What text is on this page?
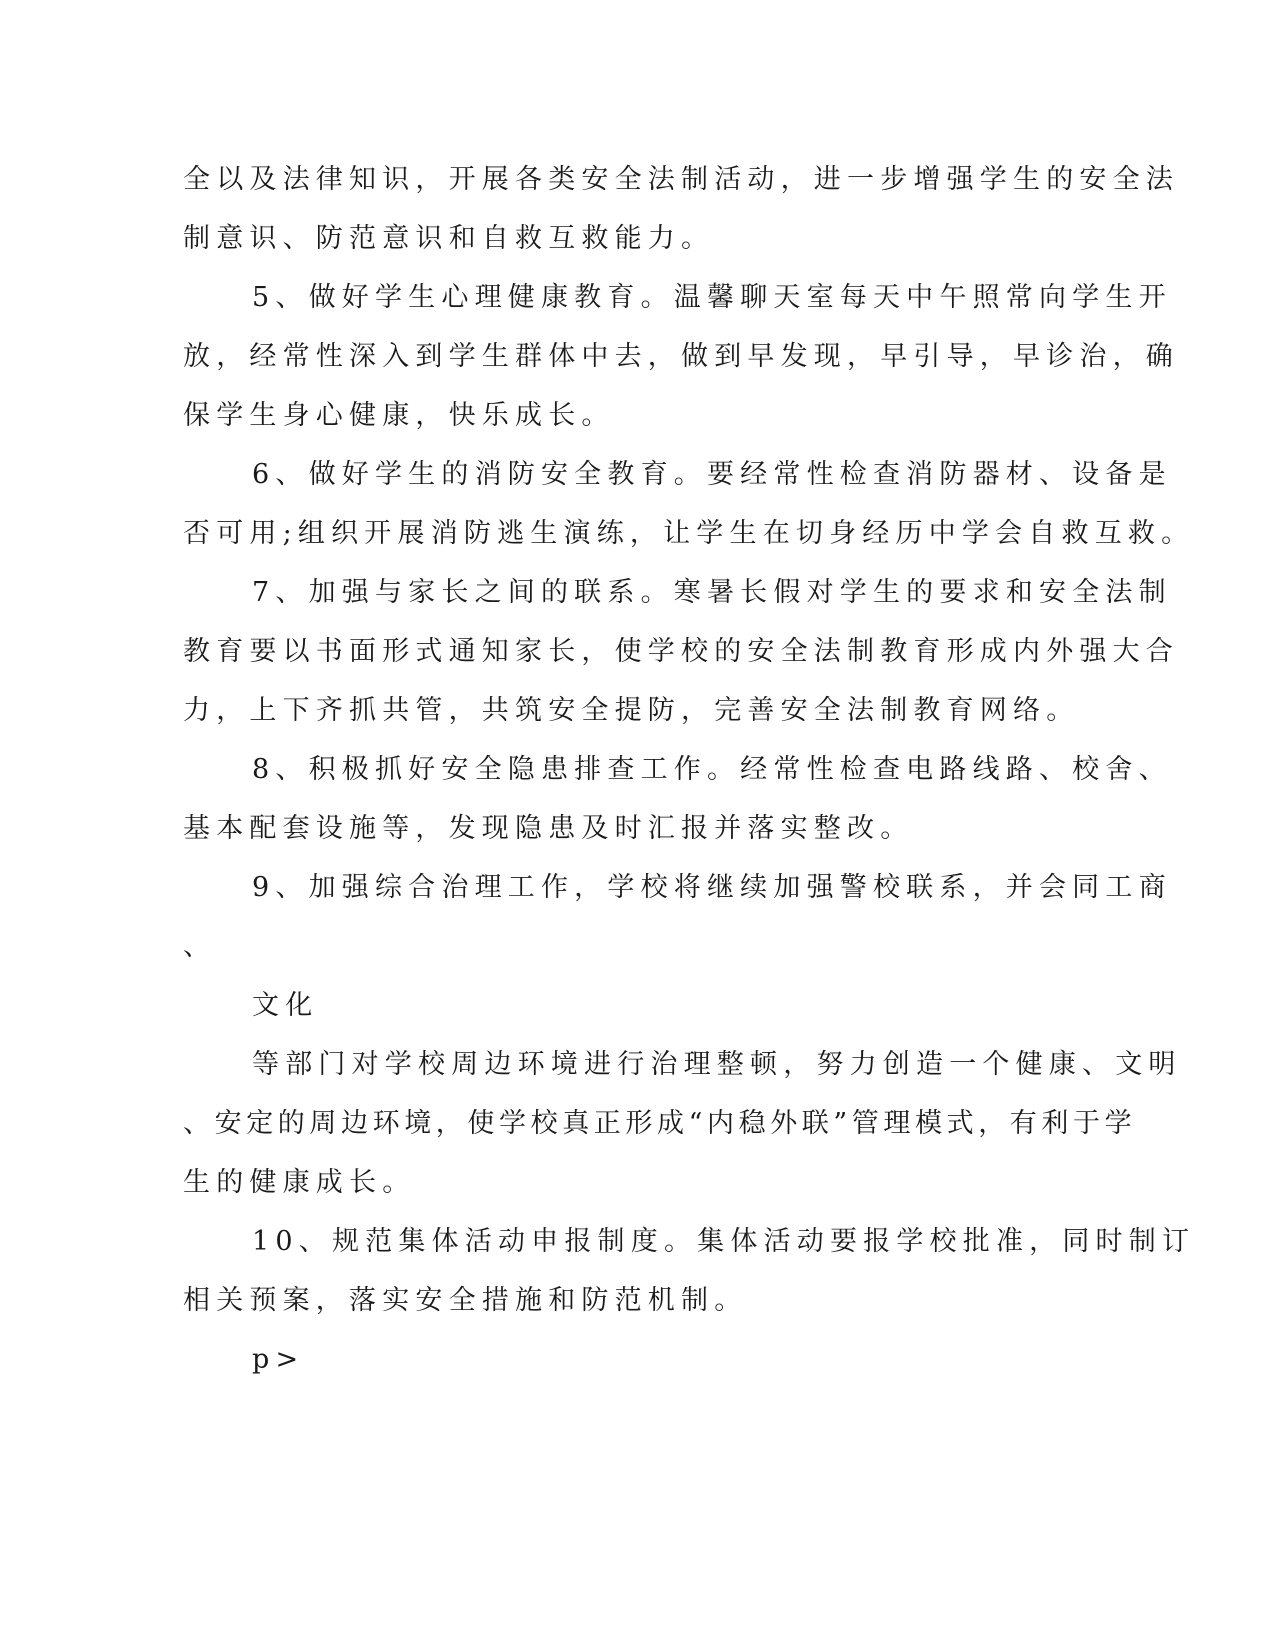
全以及法律知识，开展各类安全法制活动，进一步增强学生的安全法
制意识、防范意识和自救互救能力。
5、做好学生心理健康教育。温馨聊天室每天中午照常向学生开
放，经常性深入到学生群体中去，做到早发现，早引导，早诊治，确
保学生身心健康，快乐成长。
6、做好学生的消防安全教育。要经常性检查消防器材、设备是
否可用;组织开展消防逃生演练，让学生在切身经历中学会自救互救。
7、加强与家长之间的联系。寒暑长假对学生的要求和安全法制
教育要以书面形式通知家长，使学校的安全法制教育形成内外强大合
力，上下齐抓共管，共筑安全提防，完善安全法制教育网络。
8、积极抓好安全隐患排查工作。经常性检查电路线路、校舍、
基本配套设施等，发现隐患及时汇报并落实整改。
9、加强综合治理工作，学校将继续加强警校联系，并会同工商
、
文化
等部门对学校周边环境进行治理整顿，努力创造一个健康、文明
、安定的周边环境，使学校真正形成“内稳外联”管理模式，有利于学
生的健康成长。
10、规范集体活动申报制度。集体活动要报学校批准，同时制订
相关预案，落实安全措施和防范机制。
p>
